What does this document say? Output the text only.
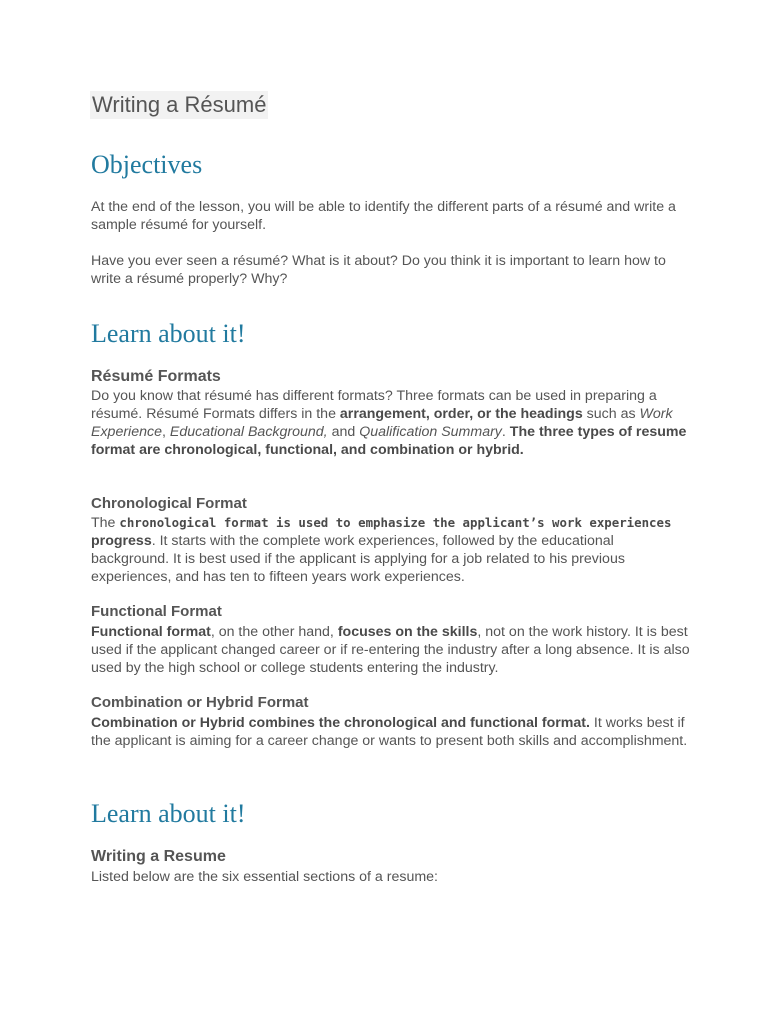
Writing a Résumé
Objectives
At the end of the lesson, you will be able to identify the different parts of a résumé and write a sample résumé for yourself.
Have you ever seen a résumé? What is it about? Do you think it is important to learn how to write a résumé properly? Why?
Learn about it!
Résumé Formats
Do you know that résumé has different formats? Three formats can be used in preparing a résumé. Résumé Formats differs in the arrangement, order, or the headings such as Work Experience, Educational Background, and Qualification Summary. The three types of resume format are chronological, functional, and combination or hybrid.
Chronological Format
The chronological format is used to emphasize the applicant’s work experiences progress. It starts with the complete work experiences, followed by the educational background. It is best used if the applicant is applying for a job related to his previous experiences, and has ten to fifteen years work experiences.
Functional Format
Functional format, on the other hand, focuses on the skills, not on the work history. It is best used if the applicant changed career or if re-entering the industry after a long absence. It is also used by the high school or college students entering the industry.
Combination or Hybrid Format
Combination or Hybrid combines the chronological and functional format. It works best if the applicant is aiming for a career change or wants to present both skills and accomplishment.
Learn about it!
Writing a Resume
Listed below are the six essential sections of a resume:
